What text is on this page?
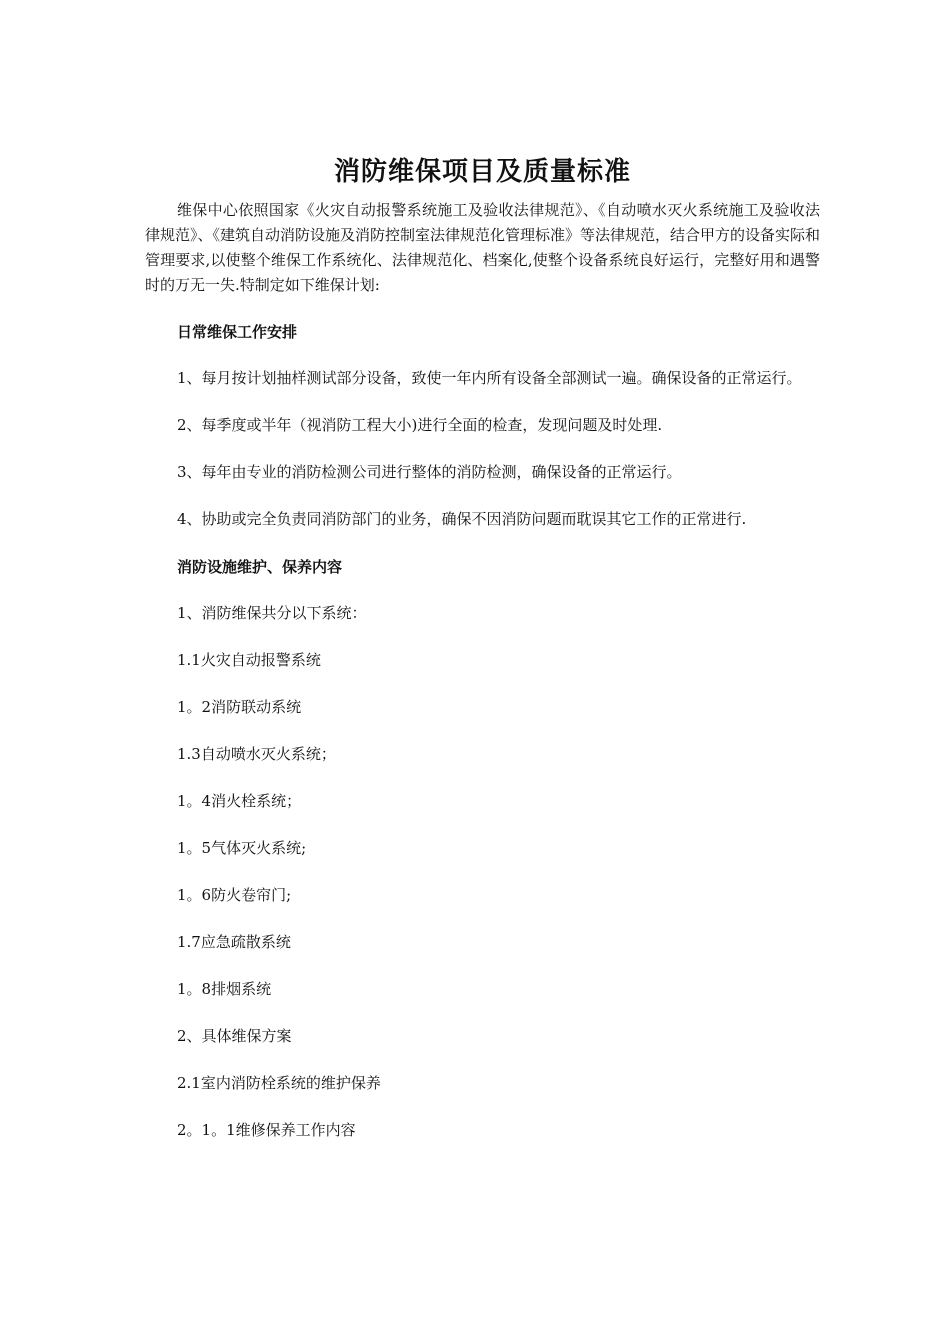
消防维保项目及质量标准

维保中心依照国家《火灾自动报警系统施工及验收法律规范》、《自动喷水灭火系统施工及验收法律规范》、《建筑自动消防设施及消防控制室法律规范化管理标准》等法律规范，结合甲方的设备实际和管理要求,以使整个维保工作系统化、法律规范化、档案化,使整个设备系统良好运行，完整好用和遇警时的万无一失.特制定如下维保计划:

日常维保工作安排

1、每月按计划抽样测试部分设备，致使一年内所有设备全部测试一遍。确保设备的正常运行。

2、每季度或半年（视消防工程大小)进行全面的检查，发现问题及时处理.

3、每年由专业的消防检测公司进行整体的消防检测，确保设备的正常运行。

4、协助或完全负责同消防部门的业务，确保不因消防问题而耽误其它工作的正常进行.

消防设施维护、保养内容
1、消防维保共分以下系统：
1.1火灾自动报警系统
1。2消防联动系统
1.3自动喷水灭火系统；
1。4消火栓系统；
1。5气体灭火系统;
1。6防火卷帘门;
1.7应急疏散系统
1。8排烟系统
2、具体维保方案
2.1室内消防栓系统的维护保养
2。1。1维修保养工作内容
